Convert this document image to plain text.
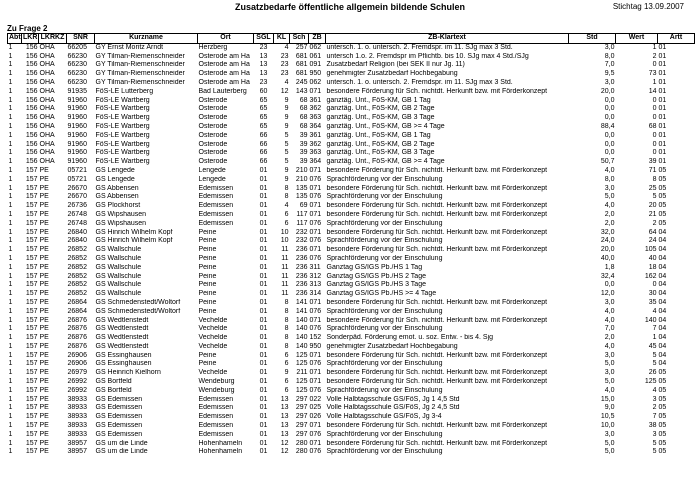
Zusatzbedarfe öffentliche allgemein bildende Schulen	Stichtag 13.09.2007
Zu Frage 2
Abt	LKR	LKRKZ	SNR	Kurzname	Ort	SGL	KL	Sch	ZB	ZB-Klartext	Std	Wert	Artt
1	156	OHA	66205	GY Ernst Moritz Arndt	Herzberg	23	4	257	062	untersch. 1. o. untersch. 2. Fremdspr. im 11. SJg max 3 Std.	3,0	1	01
1	156	OHA	66230	GY Tilman-Riemenschneider	Osterode am Ha	13	23	681	061	untersch 1.o. 2. Fremdspr im Pflichtb. bis 10. SJg max 4 Std./SJg	8,0	2	01
1	156	OHA	66230	GY Tilman-Riemenschneider	Osterode am Ha	13	23	681	091	Zusatzbedarf Religion (bei SEK II nur Jg. 11)	7,0	0	01
1	156	OHA	66230	GY Tilman-Riemenschneider	Osterode am Ha	13	23	681	950	genehmigter Zusatzbedarf Hochbegabung	9,5	73	01
1	156	OHA	66230	GY Tilman-Riemenschneider	Osterode am Ha	23	4	245	062	untersch. 1. o. untersch. 2. Fremdspr. im 11. SJg max 3 Std.	3,0	1	01
1	156	OHA	91935	FöS-LE Lutterberg	Bad Lauterberg	60	12	143	071	besondere Förderung für Sch. nichtdt. Herkunft bzw. mit Förderkonzept	20,0	14	01
1	156	OHA	91960	FöS-LE Wartberg	Osterode	65	9	68	361	ganztäg. Unt., FöS-KM, GB 1 Tag	0,0	0	01
1	156	OHA	91960	FöS-LE Wartberg	Osterode	65	9	68	362	ganztäg. Unt., FöS-KM, GB 2 Tage	0,0	0	01
1	156	OHA	91960	FöS-LE Wartberg	Osterode	65	9	68	363	ganztäg. Unt., FöS-KM, GB 3 Tage	0,0	0	01
1	156	OHA	91960	FöS-LE Wartberg	Osterode	65	9	68	364	ganztäg. Unt., FöS-KM, GB >= 4 Tage	88,4	68	01
1	156	OHA	91960	FöS-LE Wartberg	Osterode	66	5	39	361	ganztäg. Unt., FöS-KM, GB 1 Tag	0,0	0	01
1	156	OHA	91960	FöS-LE Wartberg	Osterode	66	5	39	362	ganztäg. Unt., FöS-KM, GB 2 Tage	0,0	0	01
1	156	OHA	91960	FöS-LE Wartberg	Osterode	66	5	39	363	ganztäg. Unt., FöS-KM, GB 3 Tage	0,0	0	01
1	156	OHA	91960	FöS-LE Wartberg	Osterode	66	5	39	364	ganztäg. Unt., FöS-KM, GB >= 4 Tage	50,7	39	01
1	157	PE	05721	GS Lengede	Lengede	01	9	210	071	besondere Förderung für Sch. nichtdt. Herkunft bzw. mit Förderkonzept	4,0	71	05
1	157	PE	05721	GS Lengede	Lengede	01	9	210	076	Sprachförderung vor der Einschulung	8,0	8	05
1	157	PE	26670	GS Abbensen	Edemissen	01	8	135	071	besondere Förderung für Sch. nichtdt. Herkunft bzw. mit Förderkonzept	3,0	25	05
1	157	PE	26670	GS Abbensen	Edemissen	01	8	135	076	Sprachförderung vor der Einschulung	5,0	5	05
1	157	PE	26736	GS Plockhorst	Edemissen	01	4	69	071	besondere Förderung für Sch. nichtdt. Herkunft bzw. mit Förderkonzept	4,0	20	05
1	157	PE	26748	GS Wipshausen	Edemissen	01	6	117	071	besondere Förderung für Sch. nichtdt. Herkunft bzw. mit Förderkonzept	2,0	21	05
1	157	PE	26748	GS Wipshausen	Edemissen	01	6	117	076	Sprachförderung vor der Einschulung	2,0	2	05
1	157	PE	26840	GS Hinrich Wilhelm Kopf	Peine	01	10	232	071	besondere Förderung für Sch. nichtdt. Herkunft bzw. mit Förderkonzept	32,0	64	04
1	157	PE	26840	GS Hinrich Wilhelm Kopf	Peine	01	10	232	076	Sprachförderung vor der Einschulung	24,0	24	04
1	157	PE	26852	GS Wallschule	Peine	01	11	236	071	besondere Förderung für Sch. nichtdt. Herkunft bzw. mit Förderkonzept	20,0	105	04
1	157	PE	26852	GS Wallschule	Peine	01	11	236	076	Sprachförderung vor der Einschulung	40,0	40	04
1	157	PE	26852	GS Wallschule	Peine	01	11	236	311	Ganztag GS/IGS Pb./HS 1 Tag	1,8	18	04
1	157	PE	26852	GS Wallschule	Peine	01	11	236	312	Ganztag GS/IGS Pb./HS 2 Tage	32,4	162	04
1	157	PE	26852	GS Wallschule	Peine	01	11	236	313	Ganztag GS/IGS Pb./HS 3 Tage	0,0	0	04
1	157	PE	26852	GS Wallschule	Peine	01	11	236	314	Ganztag GS/IGS Pb./HS >= 4 Tage	12,0	30	04
1	157	PE	26864	GS Schmedenstedt/Woltorf	Peine	01	8	141	071	besondere Förderung für Sch. nichtdt. Herkunft bzw. mit Förderkonzept	3,0	35	04
1	157	PE	26864	GS Schmedenstedt/Woltorf	Peine	01	8	141	076	Sprachförderung vor der Einschulung	4,0	4	04
1	157	PE	26876	GS Wedtlenstedt	Vechelde	01	8	140	071	besondere Förderung für Sch. nichtdt. Herkunft bzw. mit Förderkonzept	4,0	140	04
1	157	PE	26876	GS Wedtlenstedt	Vechelde	01	8	140	076	Sprachförderung vor der Einschulung	7,0	7	04
1	157	PE	26876	GS Wedtlenstedt	Vechelde	01	8	140	152	Sonderpäd. Förderung emot. u. soz. Entw. - bis 4. Sjg	2,0	1	04
1	157	PE	26876	GS Wedtlenstedt	Vechelde	01	8	140	950	genehmigter Zusatzbedarf Hochbegabung	4,0	45	04
1	157	PE	26906	GS Essinghausen	Peine	01	6	125	071	besondere Förderung für Sch. nichtdt. Herkunft bzw. mit Förderkonzept	3,0	5	04
1	157	PE	26906	GS Essinghausen	Peine	01	6	125	076	Sprachförderung vor der Einschulung	5,0	5	04
1	157	PE	26979	GS Heinrich Kielhorn	Vechelde	01	9	211	071	besondere Förderung für Sch. nichtdt. Herkunft bzw. mit Förderkonzept	3,0	26	05
1	157	PE	26992	GS Bortfeld	Wendeburg	01	6	125	071	besondere Förderung für Sch. nichtdt. Herkunft bzw. mit Förderkonzept	5,0	125	05
1	157	PE	26992	GS Bortfeld	Wendeburg	01	6	125	076	Sprachförderung vor der Einschulung	4,0	4	05
1	157	PE	38933	GS Edemissen	Edemissen	01	13	297	022	Volle Halbtagsschule GS/FöS, Jg 1 4,5 Std	15,0	3	05
1	157	PE	38933	GS Edemissen	Edemissen	01	13	297	025	Volle Halbtagsschule GS/FöS, Jg 2 4,5 Std	9,0	2	05
1	157	PE	38933	GS Edemissen	Edemissen	01	13	297	026	Volle Halbtagsschule GS/FöS, Jg 3-4	10,5	7	05
1	157	PE	38933	GS Edemissen	Edemissen	01	13	297	071	besondere Förderung für Sch. nichtdt. Herkunft bzw. mit Förderkonzept	10,0	38	05
1	157	PE	38933	GS Edemissen	Edemissen	01	13	297	076	Sprachförderung vor der Einschulung	3,0	3	05
1	157	PE	38957	GS um die Linde	Hohenhameln	01	12	280	071	besondere Förderung für Sch. nichtdt. Herkunft bzw. mit Förderkonzept	5,0	5	05
1	157	PE	38957	GS um die Linde	Hohenhameln	01	12	280	076	Sprachförderung vor der Einschulung	5,0	5	05
